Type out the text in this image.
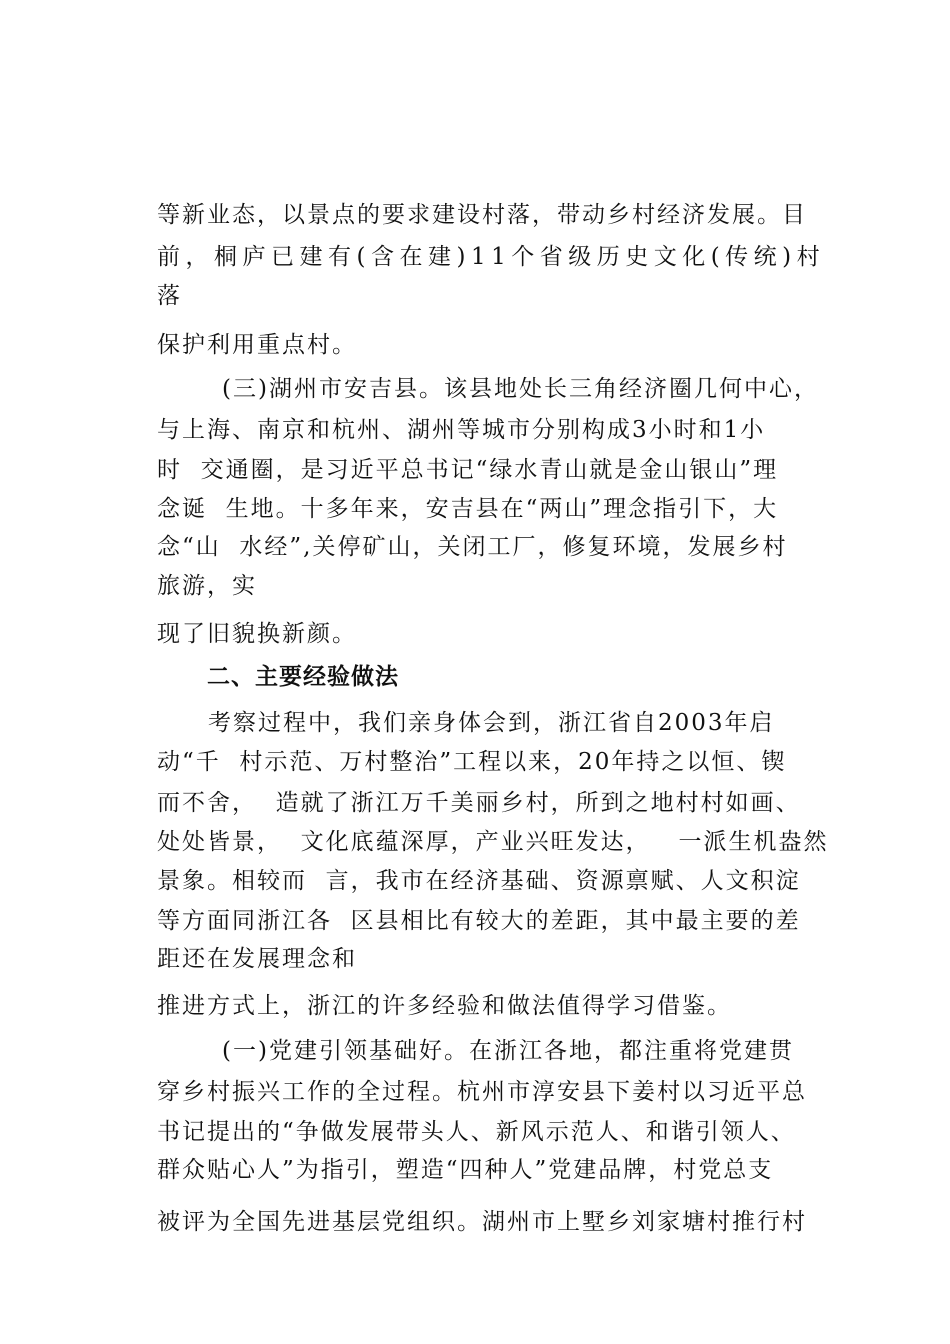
等新业态，以景点的要求建设村落，带动乡村经济发展。目

前，桐庐已建有(含在建)11个省级历史文化(传统)村

落

保护利用重点村。

(三)湖州市安吉县。该县地处长三角经济圈几何中心，

与上海、南京和杭州、湖州等城市分别构成3小时和1小

时  交通圈，是习近平总书记“绿水青山就是金山银山”理

念诞  生地。十多年来，安吉县在“两山”理念指引下，大

念“山  水经”,关停矿山，关闭工厂，修复环境，发展乡村

旅游，实

现了旧貌换新颜。

二、主要经验做法

考察过程中，我们亲身体会到，浙江省自2003年启

动“千  村示范、万村整治”工程以来，20年持之以恒、锲

而不舍，  造就了浙江万千美丽乡村，所到之地村村如画、

处处皆景，  文化底蕴深厚，产业兴旺发达，   一派生机盎然

景象。相较而  言，我市在经济基础、资源禀赋、人文积淀

等方面同浙江各  区县相比有较大的差距，其中最主要的差

距还在发展理念和

推进方式上，浙江的许多经验和做法值得学习借鉴。

(一)党建引领基础好。在浙江各地，都注重将党建贯

穿乡村振兴工作的全过程。杭州市淳安县下姜村以习近平总

书记提出的“争做发展带头人、新风示范人、和谐引领人、

群众贴心人”为指引，塑造“四种人”党建品牌，村党总支

被评为全国先进基层党组织。湖州市上墅乡刘家塘村推行村
